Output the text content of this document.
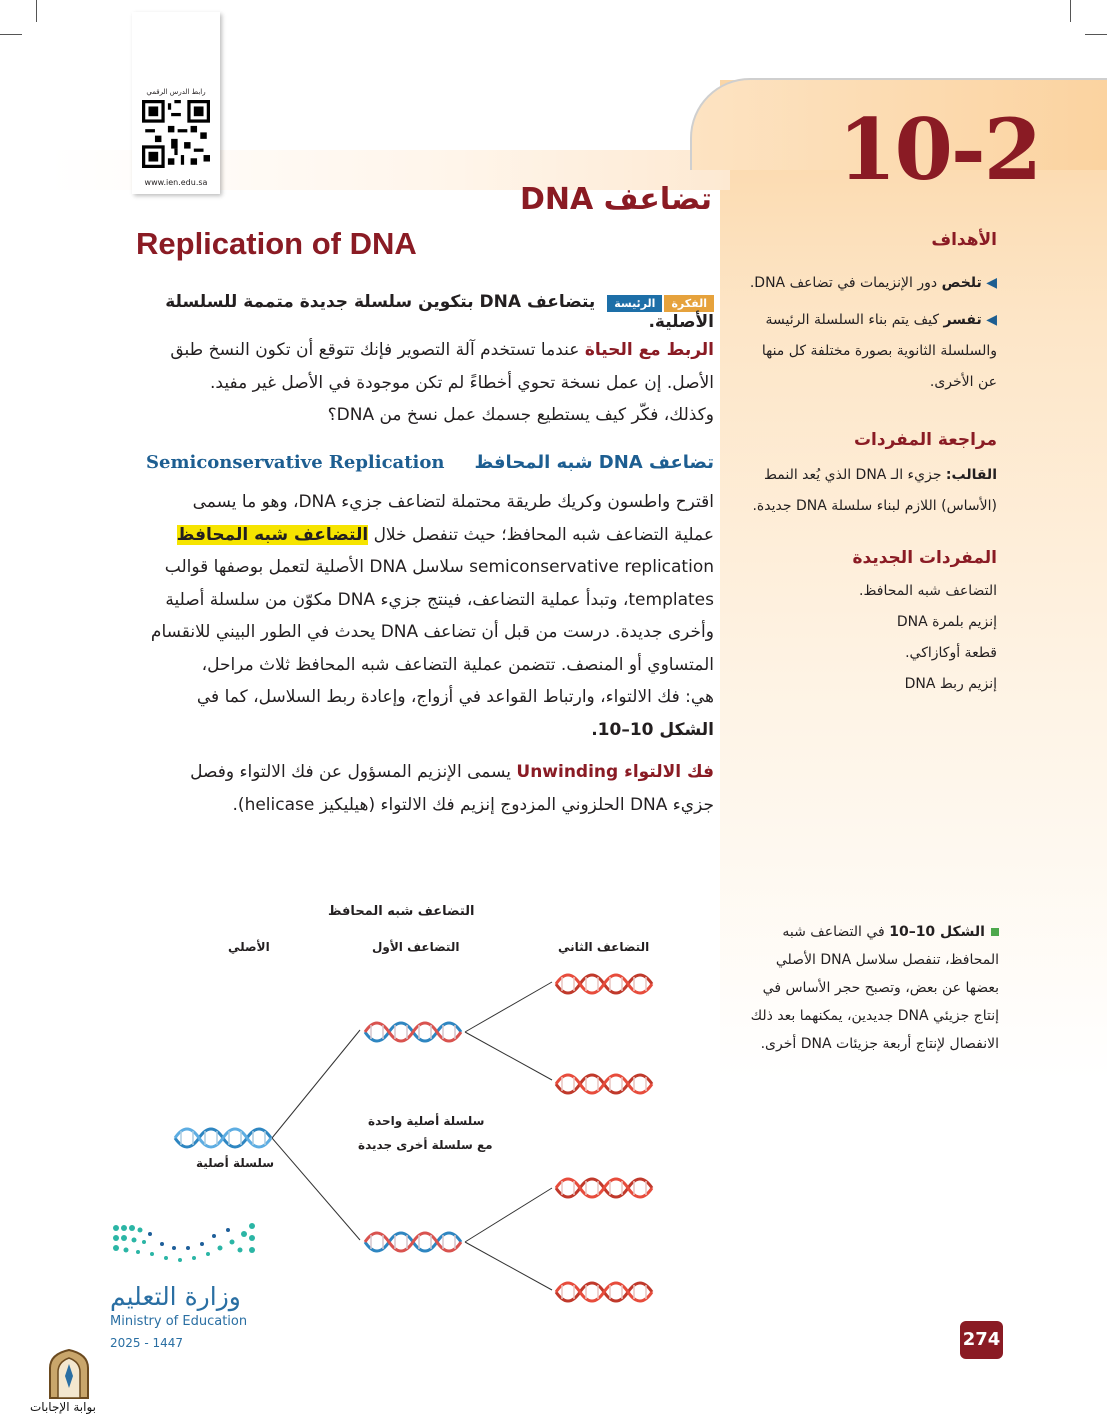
10-2
رابط الدرس الرقمي
www.ien.edu.sa	تضاعف DNA
Replication of DNA
الفكرةالرئيسة يتضاعف DNA بتكوين سلسلة جديدة متممة للسلسلة الأصلية.
الربط مع الحياة عندما تستخدم آلة التصوير فإنك تتوقع أن تكون النسخ طبق
الأصل. إن عمل نسخة تحوي أخطاءً لم تكن موجودة في الأصل غير مفيد.
وكذلك، فكّر كيف يستطيع جسمك عمل نسخ من DNA؟
تضاعف DNA شبه المحافظ
Semiconservative Replication
اقترح واطسون وكريك طريقة محتملة لتضاعف جزيء DNA، وهو ما يسمى
عملية التضاعف شبه المحافظ؛ حيث تنفصل خلال التضاعف شبه المحافظ
semiconservative replication سلاسل DNA الأصلية لتعمل بوصفها قوالب
templates، وتبدأ عملية التضاعف، فينتج جزيء DNA مكوّن من سلسلة أصلية
وأخرى جديدة. درست من قبل أن تضاعف DNA يحدث في الطور البيني للانقسام
المتساوي أو المنصف. تتضمن عملية التضاعف شبه المحافظ ثلاث مراحل،
هي: فك الالتواء، وارتباط القواعد في أزواج، وإعادة ربط السلاسل، كما في
الشكل 10–10.
فك الالتواء Unwinding يسمى الإنزيم المسؤول عن فك الالتواء وفصل
جزيء DNA الحلزوني المزدوج إنزيم فك الالتواء (هيليكيز helicase).
الأهداف
◀ تلخص دور الإنزيمات في تضاعف DNA.
◀ تفسر كيف يتم بناء السلسلة الرئيسة والسلسلة الثانوية بصورة مختلفة كل منها عن الأخرى.
مراجعة المفردات
القالب: جزيء الـ DNA الذي يُعد النمط (الأساس) اللازم لبناء سلسلة DNA جديدة.
المفردات الجديدة
التضاعف شبه المحافظ.
إنزيم بلمرة DNA
قطعة أوكازاكي.
إنزيم ربط DNA
التضاعف شبه المحافظ
الأصلي	التضاعف الأول	التضاعف الثاني
سلسلة أصلية
سلسلة أصلية واحدة
مع سلسلة أخرى جديدة
الشكل 10–10 في التضاعف شبه المحافظ، تنفصل سلاسل DNA الأصلي بعضها عن بعض، وتصبح حجر الأساس في إنتاج جزيئي DNA جديدين، يمكنهما بعد ذلك الانفصال لإنتاج أربعة جزيئات DNA أخرى.
274
وزارة التعليم
Ministry of Education
2025 - 1447
بوابة الإجابات
